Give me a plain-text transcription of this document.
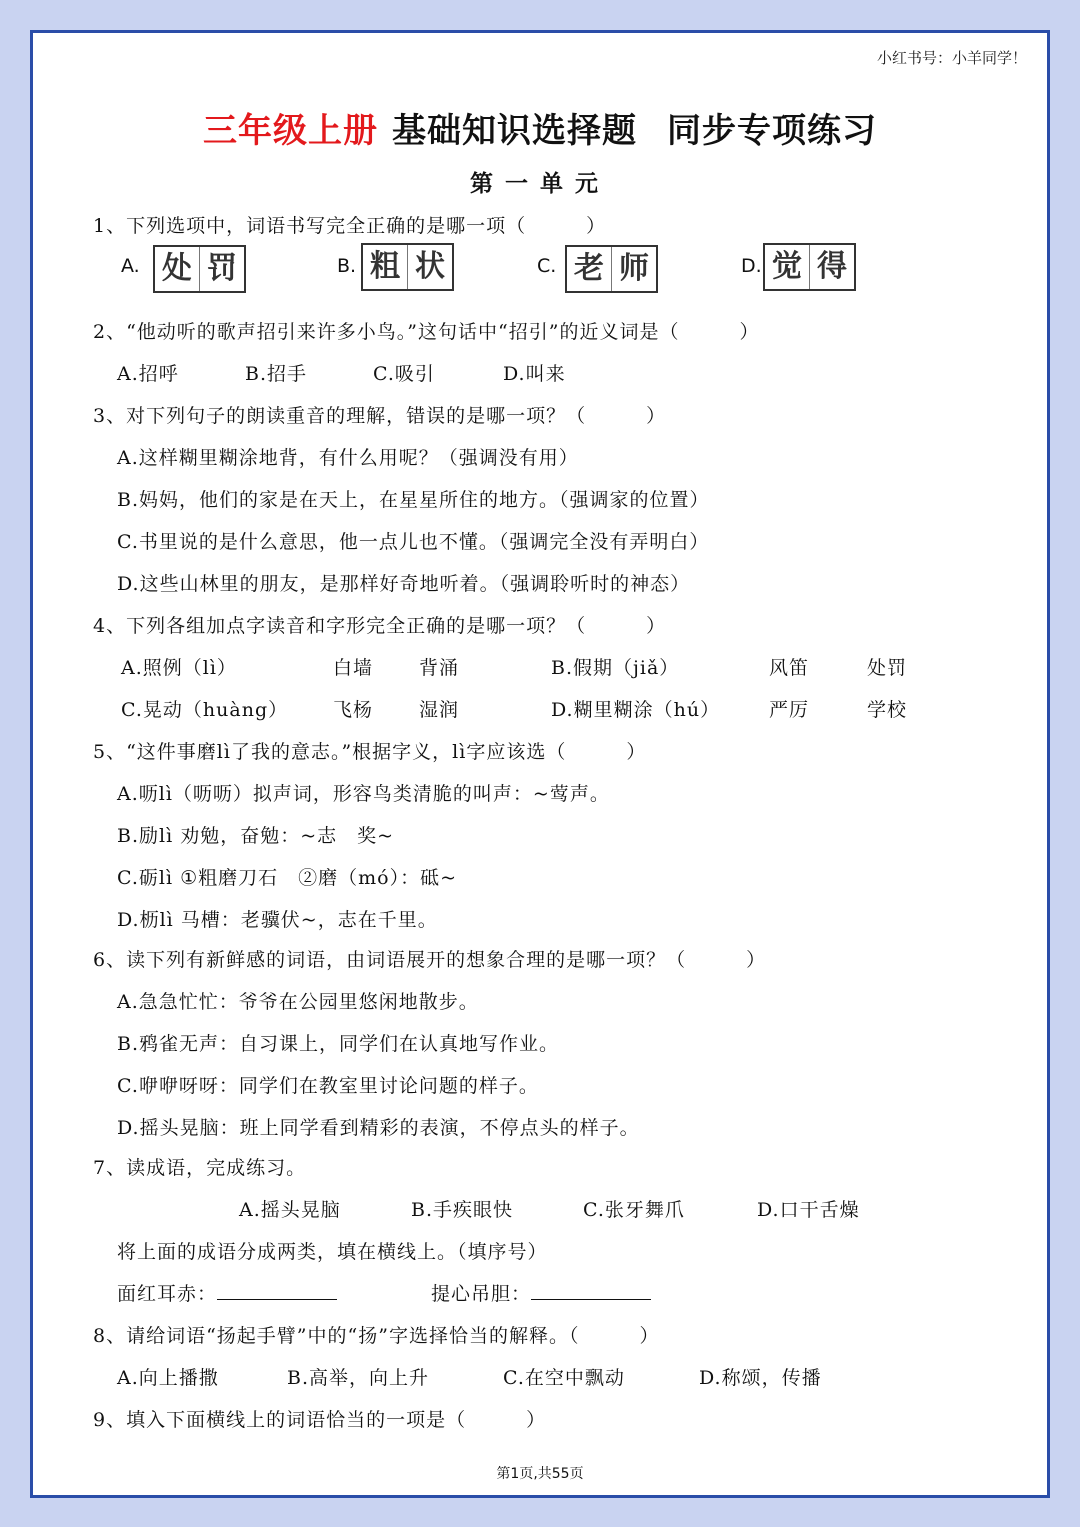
小红书号：小羊同学！
三年级上册 基础知识选择题 同步专项练习
第一单元
1、下列选项中，词语书写完全正确的是哪一项（　　　）
A. 处 罚	B. 粗 状	C. 老 师	D. 觉 得
2、“他动听的歌声招引来许多小鸟。”这句话中“招引”的近义词是（　　　）
A.招呼	B.招手	C.吸引	D.叫来
3、对下列句子的朗读重音的理解，错误的是哪一项？（　　　）
A.这样糊里糊涂地背，有什么用呢？（强调没有用）
B.妈妈，他们的家是在天上，在星星所住的地方。（强调家的位置）
C.书里说的是什么意思，他一点儿也不懂。（强调完全没有弄明白）
D.这些山林里的朋友，是那样好奇地听着。（强调聆听时的神态）
4、下列各组加点字读音和字形完全正确的是哪一项？（　　　）
A.照例（lì）	白墙 背涌	B.假期（jiǎ）	风笛	处罚
C.晃动（huàng） 飞杨 湿润	D.糊里糊涂（hú）	严厉	学校
5、“这件事磨lì了我的意志。”根据字义，lì字应该选（　　　）
A.呖lì（呖呖）拟声词，形容鸟类清脆的叫声：~莺声。
B.励lì 劝勉，奋勉：~志　奖~
C.砺lì ①粗磨刀石　②磨（mó）：砥~
D.枥lì 马槽：老骥伏~，志在千里。
6、读下列有新鲜感的词语，由词语展开的想象合理的是哪一项？（　　　）
A.急急忙忙：爷爷在公园里悠闲地散步。
B.鸦雀无声：自习课上，同学们在认真地写作业。
C.咿咿呀呀：同学们在教室里讨论问题的样子。
D.摇头晃脑：班上同学看到精彩的表演，不停点头的样子。
7、读成语，完成练习。
A.摇头晃脑	B.手疾眼快	C.张牙舞爪	D.口干舌燥
将上面的成语分成两类，填在横线上。（填序号）
面红耳赤：	提心吊胆：
8、请给词语“扬起手臂”中的“扬”字选择恰当的解释。（　　　）
A.向上播撒	B.高举，向上升	C.在空中飘动	D.称颂，传播
9、填入下面横线上的词语恰当的一项是（　　　）
第1页,共55页
